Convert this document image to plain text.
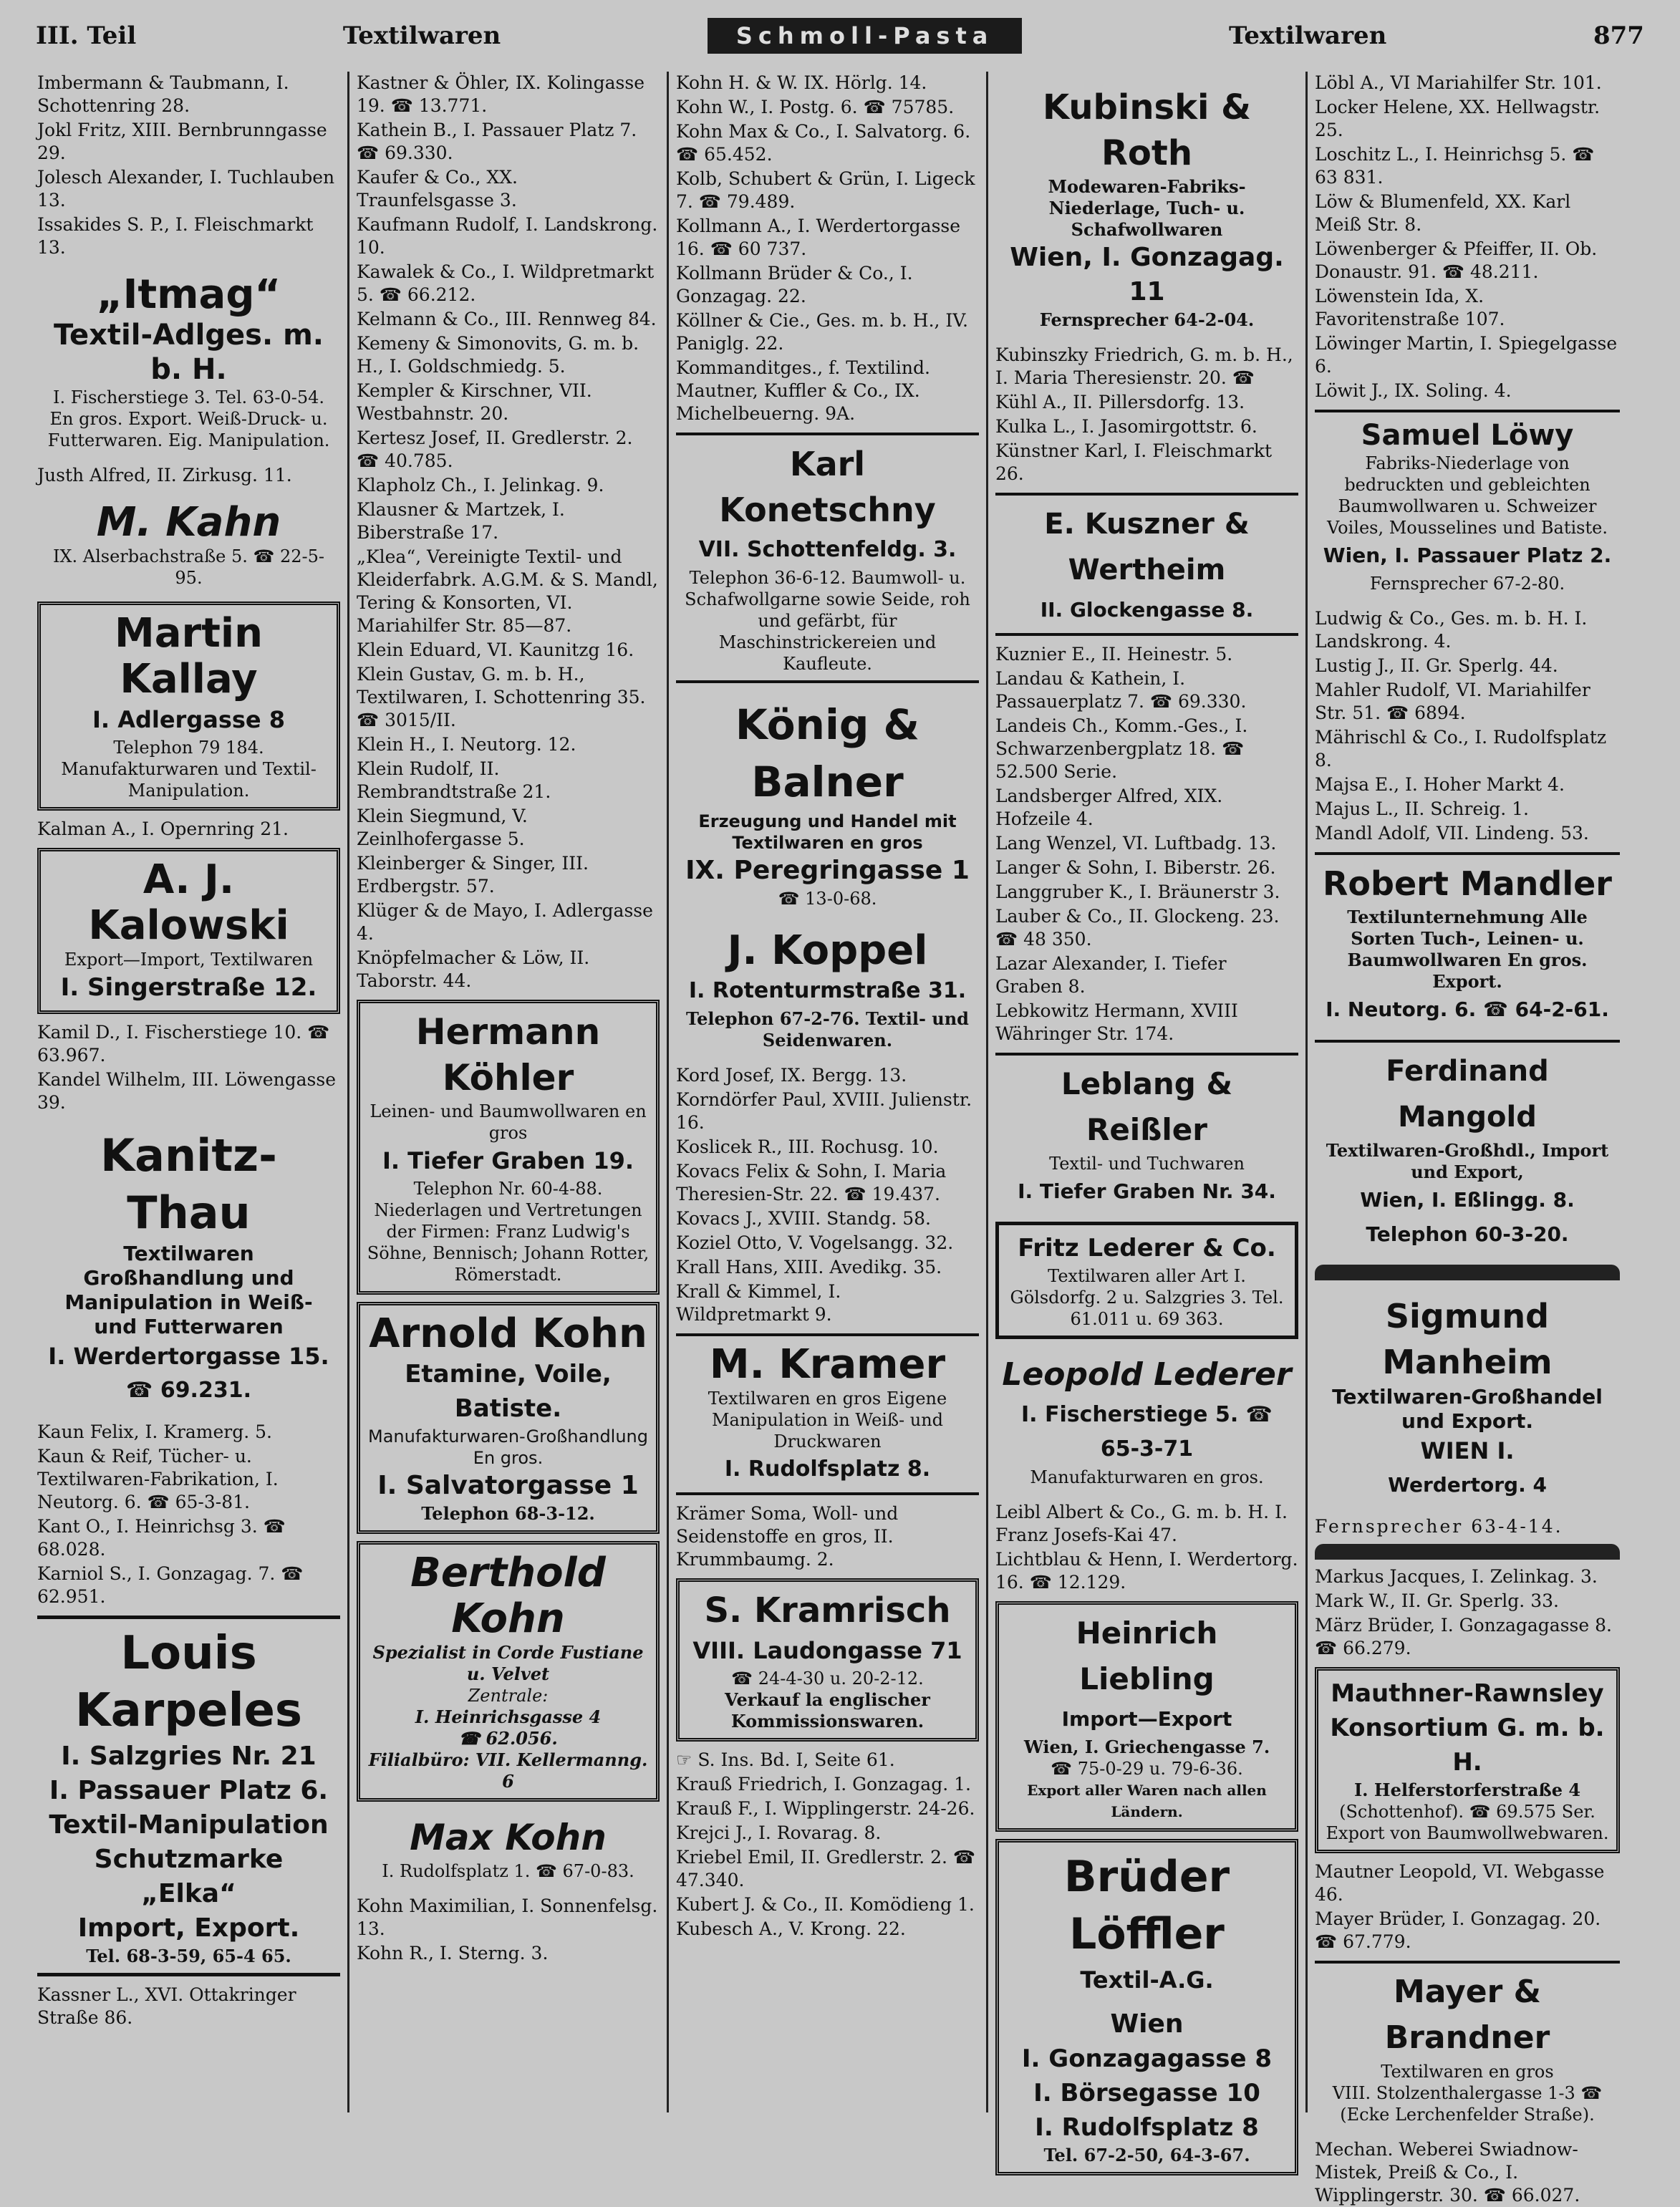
III. Teil	Textilwaren	Schmoll-Pasta	Textilwaren	877
Imbermann & Taubmann, I. Schottenring 28.
Jokl Fritz, XIII. Bernbrunngasse 29.
Jolesch Alexander, I. Tuchlauben 13.
Issakides S. P., I. Fleischmarkt 13.
„Itmag“
Textil-Adlges. m. b. H.
I. Fischerstiege 3. Tel. 63-0-54. En gros. Export. Weiß-Druck- u. Futterwaren. Eig. Manipulation.
Justh Alfred, II. Zirkusg. 11.
M. Kahn
IX. Alserbachstraße 5. ☎ 22-5-95.
Martin Kallay
I. Adlergasse 8
Telephon 79 184. Manufakturwaren und Textil-Manipulation.
Kalman A., I. Opernring 21.
A. J. Kalowski
Export—Import, Textilwaren
I. Singerstraße 12.
Kamil D., I. Fischerstiege 10. ☎ 63.967.
Kandel Wilhelm, III. Löwengasse 39.
Kanitz-Thau
Textilwaren Großhandlung und Manipulation in Weiß- und Futterwaren
I. Werdertorgasse 15.
☎ 69.231.
Kaun Felix, I. Kramerg. 5.
Kaun & Reif, Tücher- u. Textilwaren-Fabrikation, I. Neutorg. 6. ☎ 65-3-81.
Kant O., I. Heinrichsg 3. ☎ 68.028.
Karniol S., I. Gonzagag. 7. ☎ 62.951.
Louis Karpeles
I. Salzgries Nr. 21
I. Passauer Platz 6.
Textil-Manipulation
Schutzmarke „Elka“
Import, Export.
Tel. 68-3-59, 65-4 65.
Kassner L., XVI. Ottakringer Straße 86.
Kastner & Öhler, IX. Kolingasse 19. ☎ 13.771.
Kathein B., I. Passauer Platz 7. ☎ 69.330.
Kaufer & Co., XX. Traunfelsgasse 3.
Kaufmann Rudolf, I. Landskrong. 10.
Kawalek & Co., I. Wildpretmarkt 5. ☎ 66.212.
Kelmann & Co., III. Rennweg 84.
Kemeny & Simonovits, G. m. b. H., I. Goldschmiedg. 5.
Kempler & Kirschner, VII. Westbahnstr. 20.
Kertesz Josef, II. Gredlerstr. 2. ☎ 40.785.
Klapholz Ch., I. Jelinkag. 9.
Klausner & Martzek, I. Biberstraße 17.
„Klea“, Vereinigte Textil- und Kleiderfabrk. A.G.M. & S. Mandl, Tering & Konsorten, VI. Mariahilfer Str. 85—87.
Klein Eduard, VI. Kaunitzg 16.
Klein Gustav, G. m. b. H., Textilwaren, I. Schottenring 35. ☎ 3015/II.
Klein H., I. Neutorg. 12.
Klein Rudolf, II. Rembrandtstraße 21.
Klein Siegmund, V. Zeinlhofergasse 5.
Kleinberger & Singer, III. Erdbergstr. 57.
Klüger & de Mayo, I. Adlergasse 4.
Knöpfelmacher & Löw, II. Taborstr. 44.
Hermann Köhler
Leinen- und Baumwollwaren en gros
I. Tiefer Graben 19.
Telephon Nr. 60-4-88. Niederlagen und Vertretungen der Firmen: Franz Ludwig's Söhne, Bennisch; Johann Rotter, Römerstadt.
Arnold Kohn
Etamine, Voile, Batiste.
Manufakturwaren-Großhandlung En gros.
I. Salvatorgasse 1
Telephon 68-3-12.
Berthold Kohn
Spezialist in Corde Fustiane u. Velvet
Zentrale:
I. Heinrichsgasse 4
☎ 62.056.
Filialbüro: VII. Kellermanng. 6
Max Kohn
I. Rudolfsplatz 1. ☎ 67-0-83.
Kohn Maximilian, I. Sonnenfelsg. 13.
Kohn R., I. Sterng. 3.
Kohn H. & W. IX. Hörlg. 14.
Kohn W., I. Postg. 6. ☎ 75785.
Kohn Max & Co., I. Salvatorg. 6. ☎ 65.452.
Kolb, Schubert & Grün, I. Ligeck 7. ☎ 79.489.
Kollmann A., I. Werdertorgasse 16. ☎ 60 737.
Kollmann Brüder & Co., I. Gonzagag. 22.
Köllner & Cie., Ges. m. b. H., IV. Paniglg. 22.
Kommanditges., f. Textilind. Mautner, Kuffler & Co., IX. Michelbeuerng. 9A.
Karl Konetschny
VII. Schottenfeldg. 3.
Telephon 36-6-12. Baumwoll- u. Schafwollgarne sowie Seide, roh und gefärbt, für Maschinstrickereien und Kaufleute.
König & Balner
Erzeugung und Handel mit Textilwaren en gros
IX. Peregringasse 1
☎ 13-0-68.
J. Koppel
I. Rotenturmstraße 31.
Telephon 67-2-76. Textil- und Seidenwaren.
Kord Josef, IX. Bergg. 13.
Korndörfer Paul, XVIII. Julienstr. 16.
Koslicek R., III. Rochusg. 10.
Kovacs Felix & Sohn, I. Maria Theresien-Str. 22. ☎ 19.437.
Kovacs J., XVIII. Standg. 58.
Koziel Otto, V. Vogelsangg. 32.
Krall Hans, XIII. Avedikg. 35.
Krall & Kimmel, I. Wildpretmarkt 9.
M. Kramer
Textilwaren en gros Eigene Manipulation in Weiß- und Druckwaren
I. Rudolfsplatz 8.
Krämer Soma, Woll- und Seidenstoffe en gros, II. Krummbaumg. 2.
S. Kramrisch
VIII. Laudongasse 71
☎ 24-4-30 u. 20-2-12.
Verkauf la englischer Kommissionswaren.
☞ S. Ins. Bd. I, Seite 61.
Krauß Friedrich, I. Gonzagag. 1.
Krauß F., I. Wipplingerstr. 24-26.
Krejci J., I. Rovarag. 8.
Kriebel Emil, II. Gredlerstr. 2. ☎ 47.340.
Kubert J. & Co., II. Komödieng 1.
Kubesch A., V. Krong. 22.
Kubinski & Roth
Modewaren-Fabriks-Niederlage, Tuch- u. Schafwollwaren
Wien, I. Gonzagag. 11
Fernsprecher 64-2-04.
Kubinszky Friedrich, G. m. b. H., I. Maria Theresienstr. 20. ☎
Kühl A., II. Pillersdorfg. 13.
Kulka L., I. Jasomirgottstr. 6.
Künstner Karl, I. Fleischmarkt 26.
E. Kuszner & Wertheim
II. Glockengasse 8.
Kuznier E., II. Heinestr. 5.
Landau & Kathein, I. Passauerplatz 7. ☎ 69.330.
Landeis Ch., Komm.-Ges., I. Schwarzenbergplatz 18. ☎ 52.500 Serie.
Landsberger Alfred, XIX. Hofzeile 4.
Lang Wenzel, VI. Luftbadg. 13.
Langer & Sohn, I. Biberstr. 26.
Langgruber K., I. Bräunerstr 3.
Lauber & Co., II. Glockeng. 23. ☎ 48 350.
Lazar Alexander, I. Tiefer Graben 8.
Lebkowitz Hermann, XVIII Währinger Str. 174.
Leblang & Reißler
Textil- und Tuchwaren
I. Tiefer Graben Nr. 34.
Fritz Lederer & Co.
Textilwaren aller Art I. Gölsdorfg. 2 u. Salzgries 3. Tel. 61.011 u. 69 363.
Leopold Lederer
I. Fischerstiege 5. ☎ 65-3-71
Manufakturwaren en gros.
Leibl Albert & Co., G. m. b. H. I. Franz Josefs-Kai 47.
Lichtblau & Henn, I. Werdertorg. 16. ☎ 12.129.
Heinrich Liebling
Import—Export
Wien, I. Griechengasse 7.
☎ 75-0-29 u. 79-6-36.
Export aller Waren nach allen Ländern.
Brüder Löffler
Textil-A.G.
Wien
I. Gonzagagasse 8
I. Börsegasse 10
I. Rudolfsplatz 8
Tel. 67-2-50, 64-3-67.
Löbl A., VI Mariahilfer Str. 101.
Locker Helene, XX. Hellwagstr. 25.
Loschitz L., I. Heinrichsg 5. ☎ 63 831.
Löw & Blumenfeld, XX. Karl Meiß Str. 8.
Löwenberger & Pfeiffer, II. Ob. Donaustr. 91. ☎ 48.211.
Löwenstein Ida, X. Favoritenstraße 107.
Löwinger Martin, I. Spiegelgasse 6.
Löwit J., IX. Soling. 4.
Samuel Löwy
Fabriks-Niederlage von bedruckten und gebleichten Baumwollwaren u. Schweizer Voiles, Mousselines und Batiste.
Wien, I. Passauer Platz 2.
Fernsprecher 67-2-80.
Ludwig & Co., Ges. m. b. H. I. Landskrong. 4.
Lustig J., II. Gr. Sperlg. 44.
Mahler Rudolf, VI. Mariahilfer Str. 51. ☎ 6894.
Mährischl & Co., I. Rudolfsplatz 8.
Majsa E., I. Hoher Markt 4.
Majus L., II. Schreig. 1.
Mandl Adolf, VII. Lindeng. 53.
Robert Mandler
Textilunternehmung Alle Sorten Tuch-, Leinen- u. Baumwollwaren En gros. Export.
I. Neutorg. 6. ☎ 64-2-61.
Ferdinand Mangold
Textilwaren-Großhdl., Import und Export,
Wien, I. Eßlingg. 8.
Telephon 60-3-20.
Sigmund Manheim
Textilwaren-Großhandel und Export.
WIEN I.
Werdertorg. 4
Fernsprecher 63-4-14.
Markus Jacques, I. Zelinkag. 3.
Mark W., II. Gr. Sperlg. 33.
März Brüder, I. Gonzagagasse 8. ☎ 66.279.
Mauthner-Rawnsley Konsortium G. m. b. H.
I. Helferstorferstraße 4
(Schottenhof). ☎ 69.575 Ser. Export von Baumwollwebwaren.
Mautner Leopold, VI. Webgasse 46.
Mayer Brüder, I. Gonzagag. 20. ☎ 67.779.
Mayer & Brandner
Textilwaren en gros
VIII. Stolzenthalergasse 1-3 ☎ (Ecke Lerchenfelder Straße).
Mechan. Weberei Swiadnow-Mistek, Preiß & Co., I. Wipplingerstr. 30. ☎ 66.027.
